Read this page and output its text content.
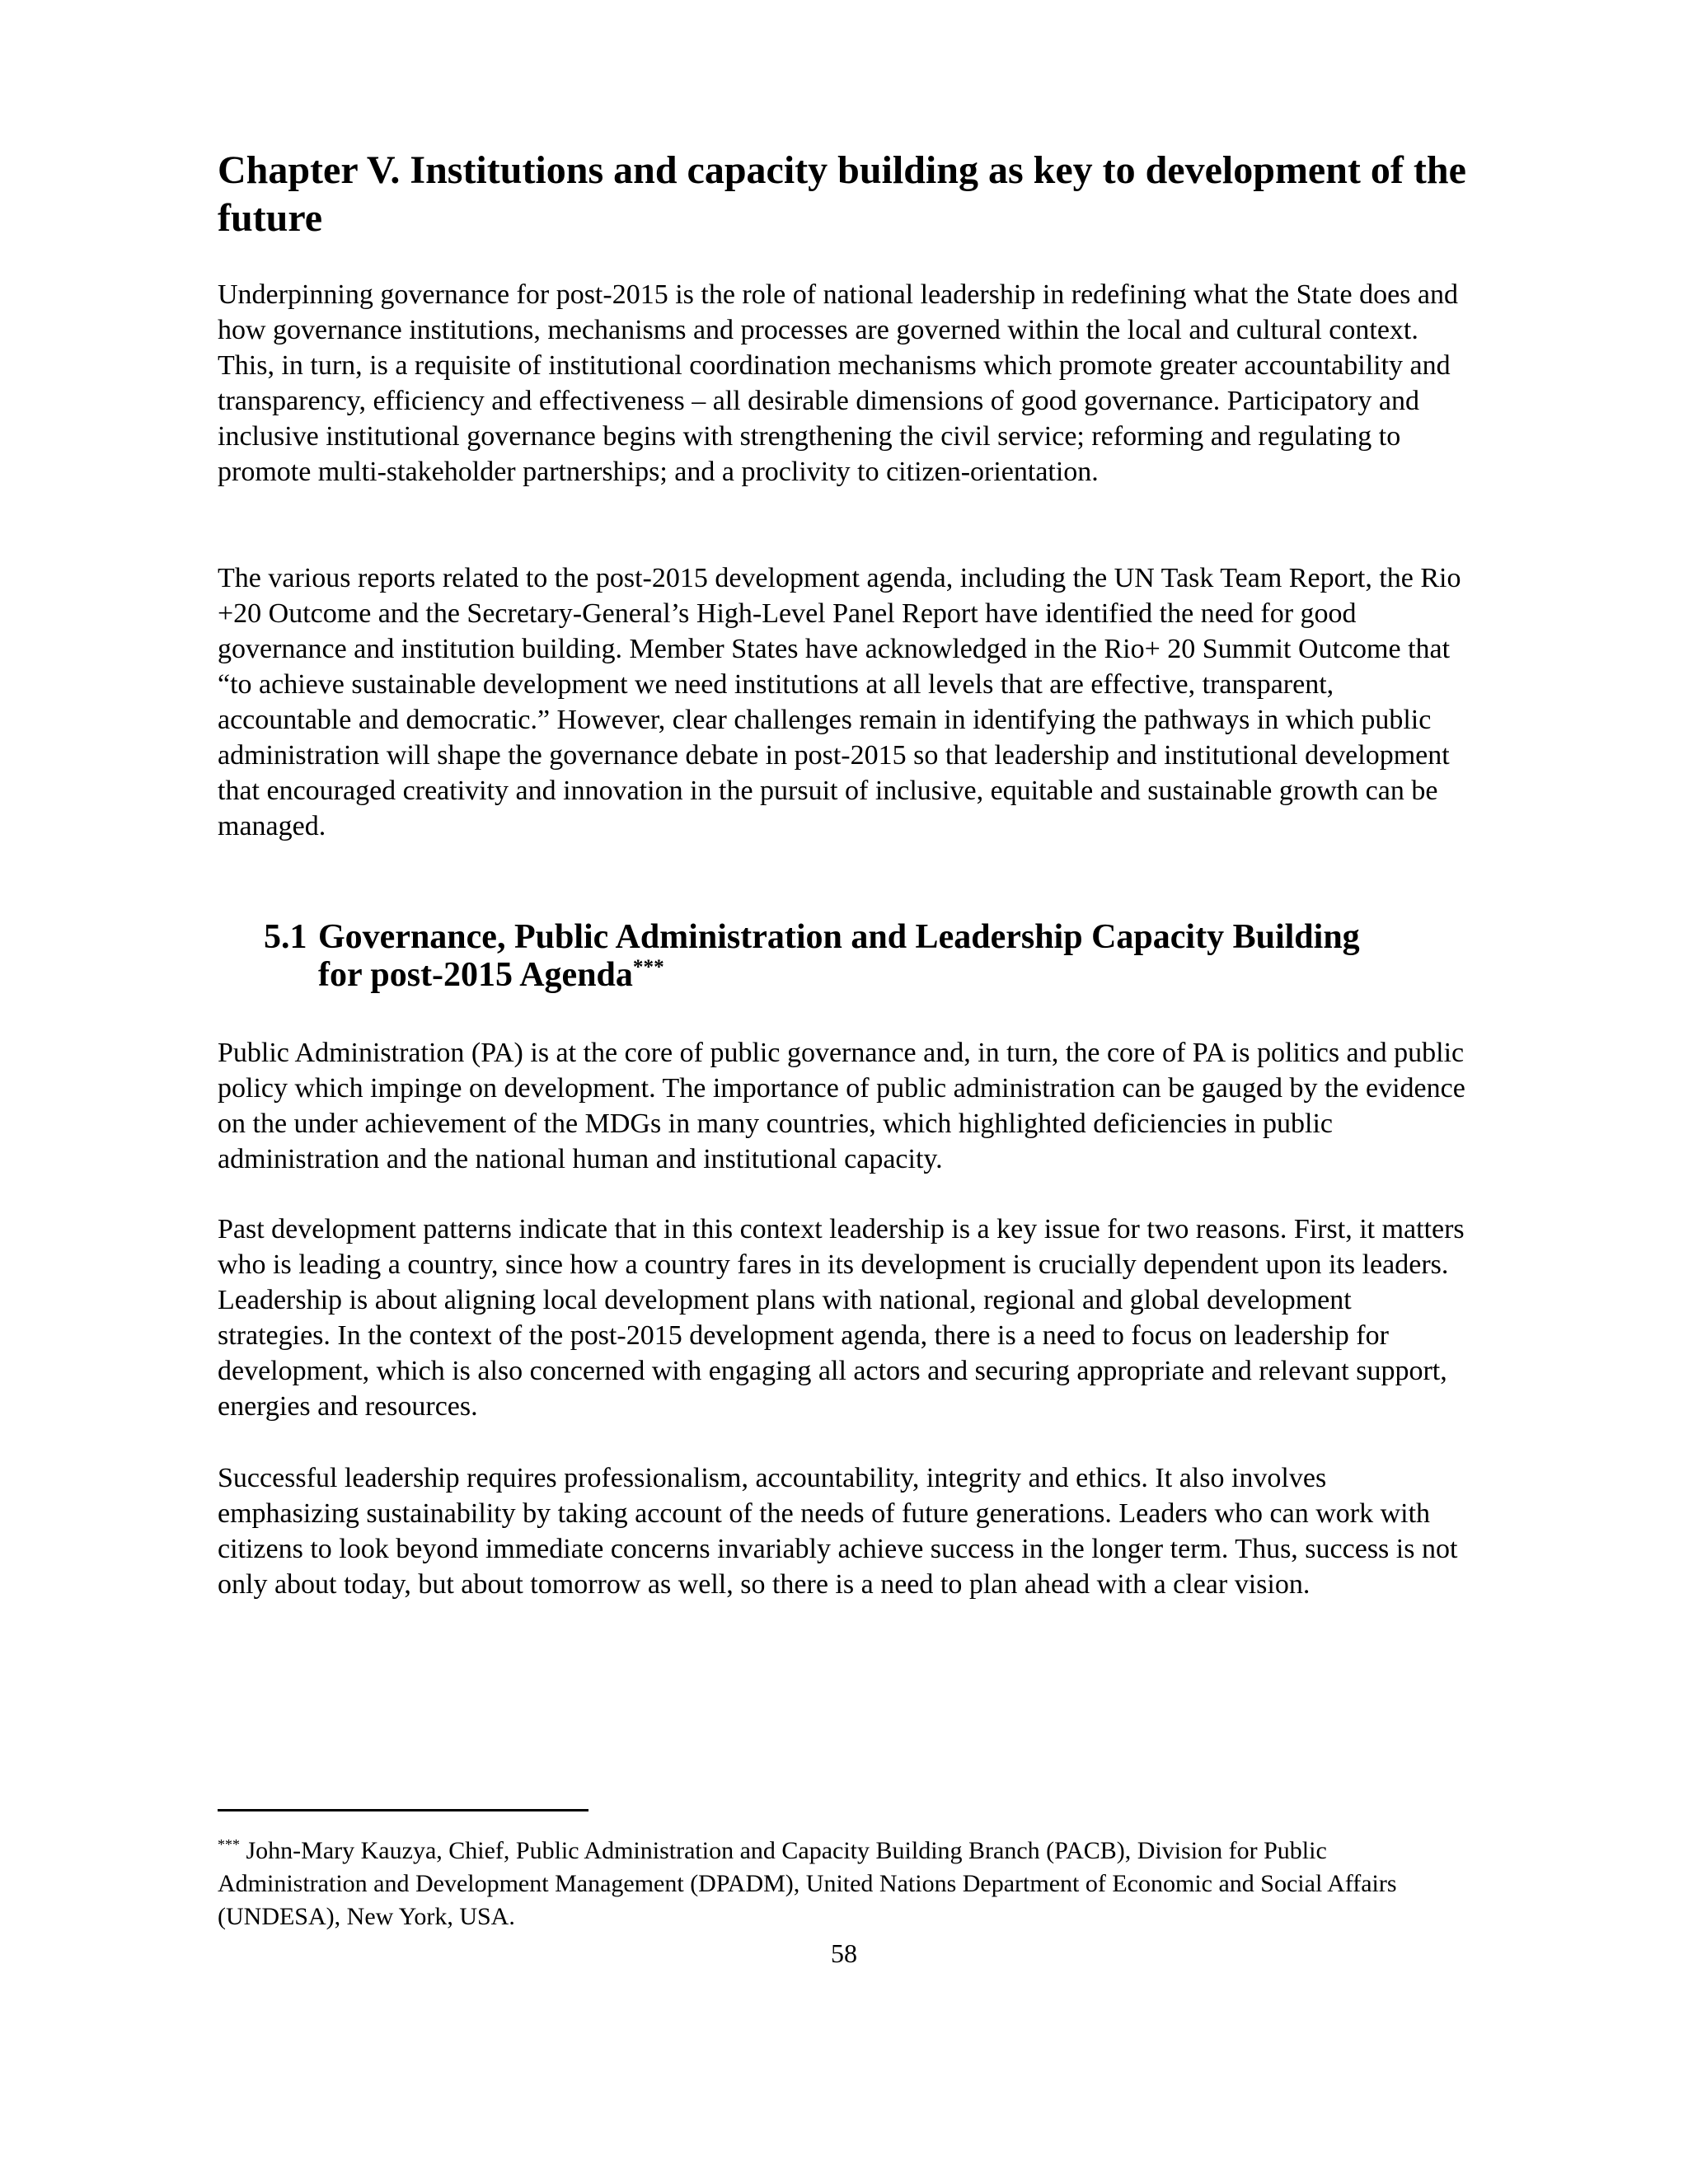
Chapter V. Institutions and capacity building as key to development of the future

Underpinning governance for post-2015 is the role of national leadership in redefining what the State does and how governance institutions, mechanisms and processes are governed within the local and cultural context. This, in turn, is a requisite of institutional coordination mechanisms which promote greater accountability and transparency, efficiency and effectiveness – all desirable dimensions of good governance. Participatory and inclusive institutional governance begins with strengthening the civil service; reforming and regulating to promote multi-stakeholder partnerships; and a proclivity to citizen-orientation.

The various reports related to the post-2015 development agenda, including the UN Task Team Report, the Rio +20 Outcome and the Secretary-General’s High-Level Panel Report have identified the need for good governance and institution building. Member States have acknowledged in the Rio+ 20 Summit Outcome that “to achieve sustainable development we need institutions at all levels that are effective, transparent, accountable and democratic.” However, clear challenges remain in identifying the pathways in which public administration will shape the governance debate in post-2015 so that leadership and institutional development that encouraged creativity and innovation in the pursuit of inclusive, equitable and sustainable growth can be managed.

5.1 Governance, Public Administration and Leadership Capacity Building
for post-2015 Agenda***

Public Administration (PA) is at the core of public governance and, in turn, the core of PA is politics and public policy which impinge on development. The importance of public administration can be gauged by the evidence on the under achievement of the MDGs in many countries, which highlighted deficiencies in public administration and the national human and institutional capacity.

Past development patterns indicate that in this context leadership is a key issue for two reasons. First, it matters who is leading a country, since how a country fares in its development is crucially dependent upon its leaders. Leadership is about aligning local development plans with national, regional and global development strategies. In the context of the post-2015 development agenda, there is a need to focus on leadership for development, which is also concerned with engaging all actors and securing appropriate and relevant support, energies and resources.

Successful leadership requires professionalism, accountability, integrity and ethics. It also involves emphasizing sustainability by taking account of the needs of future generations. Leaders who can work with citizens to look beyond immediate concerns invariably achieve success in the longer term. Thus, success is not only about today, but about tomorrow as well, so there is a need to plan ahead with a clear vision.

*** John-Mary Kauzya, Chief, Public Administration and Capacity Building Branch (PACB), Division for Public Administration and Development Management (DPADM), United Nations Department of Economic and Social Affairs (UNDESA), New York, USA.

58
